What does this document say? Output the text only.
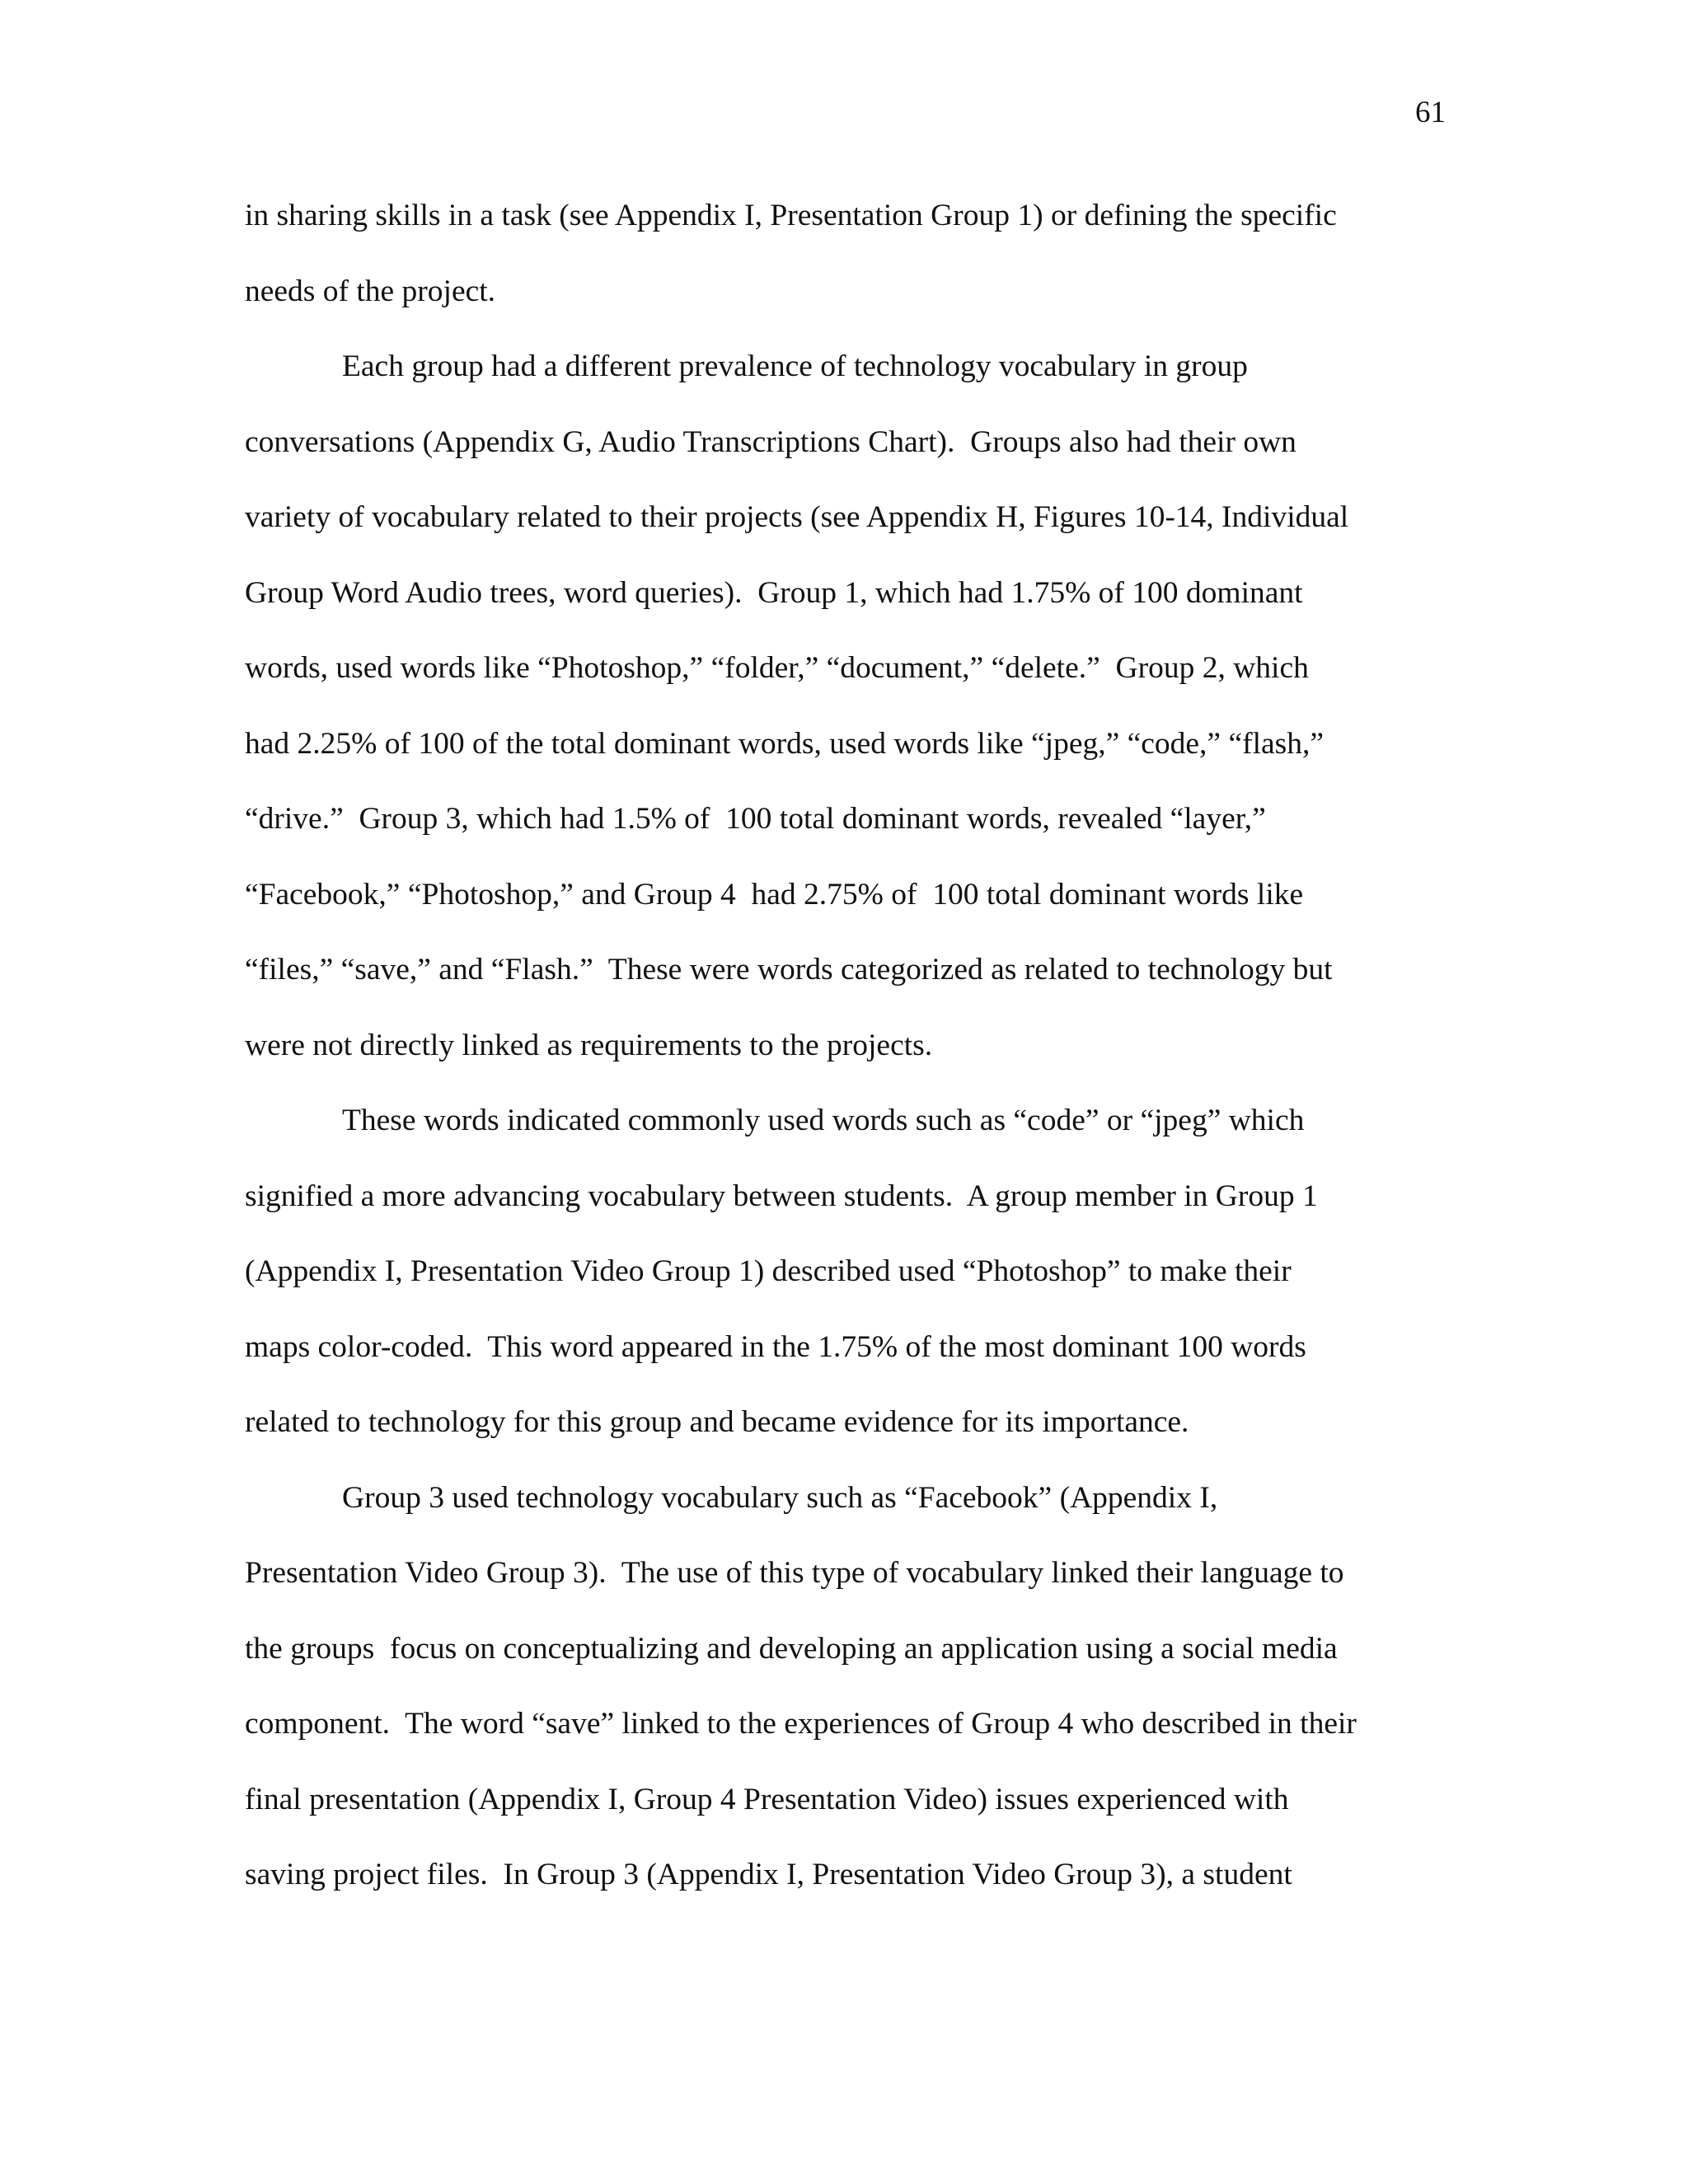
61
in sharing skills in a task (see Appendix I, Presentation Group 1) or defining the specific
needs of the project.
Each group had a different prevalence of technology vocabulary in group
conversations (Appendix G, Audio Transcriptions Chart).  Groups also had their own
variety of vocabulary related to their projects (see Appendix H, Figures 10-14, Individual
Group Word Audio trees, word queries).  Group 1, which had 1.75% of 100 dominant
words, used words like “Photoshop,” “folder,” “document,” “delete.”  Group 2, which
had 2.25% of 100 of the total dominant words, used words like “jpeg,” “code,” “flash,”
“drive.”  Group 3, which had 1.5% of  100 total dominant words, revealed “layer,”
“Facebook,” “Photoshop,” and Group 4  had 2.75% of  100 total dominant words like
“files,” “save,” and “Flash.”  These were words categorized as related to technology but
were not directly linked as requirements to the projects.
These words indicated commonly used words such as “code” or “jpeg” which
signified a more advancing vocabulary between students.  A group member in Group 1
(Appendix I, Presentation Video Group 1) described used “Photoshop” to make their
maps color-coded.  This word appeared in the 1.75% of the most dominant 100 words
related to technology for this group and became evidence for its importance.
Group 3 used technology vocabulary such as “Facebook” (Appendix I,
Presentation Video Group 3).  The use of this type of vocabulary linked their language to
the groups  focus on conceptualizing and developing an application using a social media
component.  The word “save” linked to the experiences of Group 4 who described in their
final presentation (Appendix I, Group 4 Presentation Video) issues experienced with
saving project files.  In Group 3 (Appendix I, Presentation Video Group 3), a student
